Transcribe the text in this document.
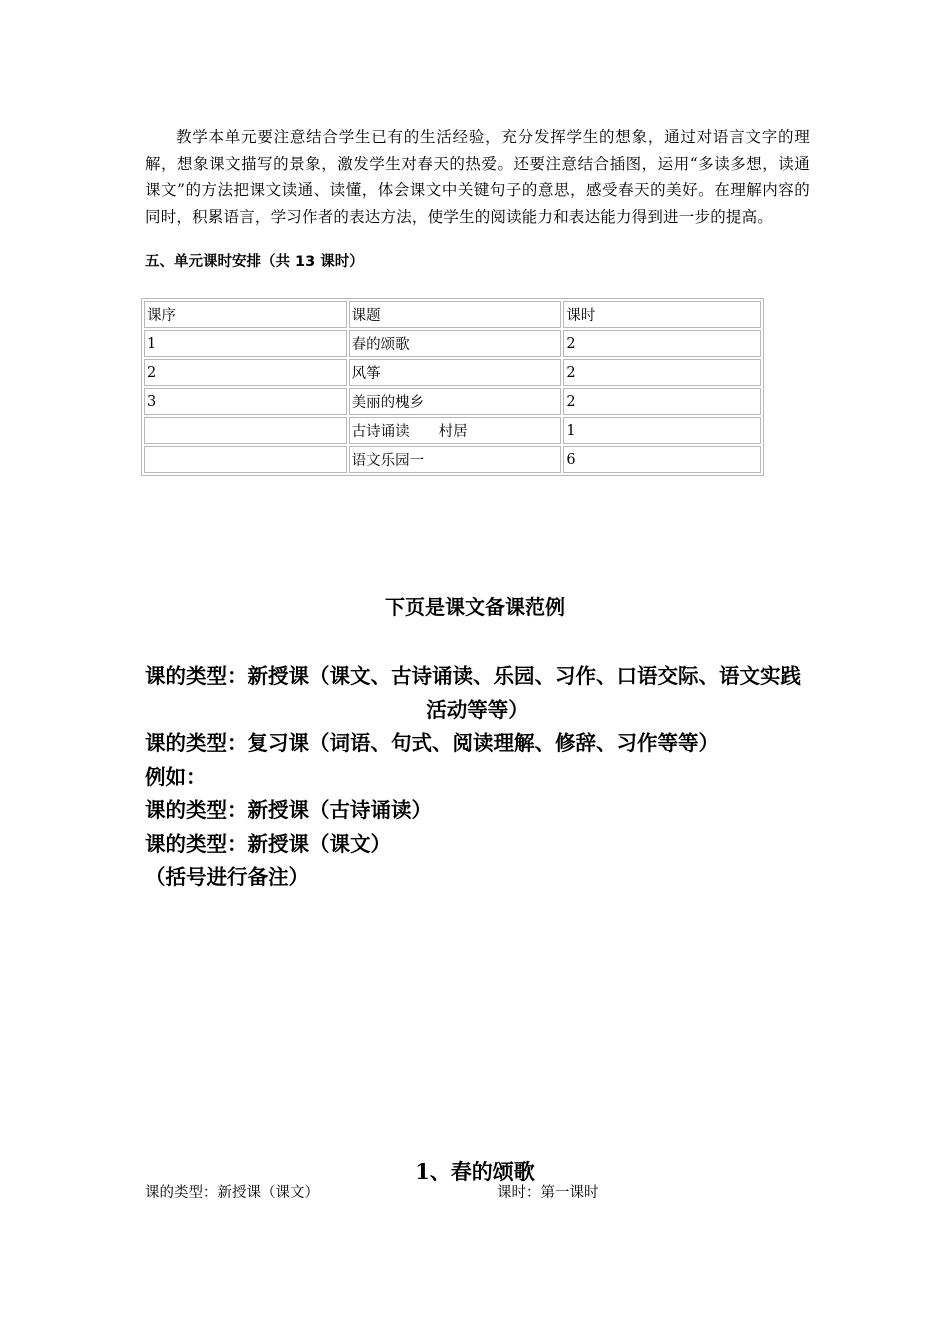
教学本单元要注意结合学生已有的生活经验，充分发挥学生的想象，通过对语言文字的理解，想象课文描写的景象，激发学生对春天的热爱。还要注意结合插图，运用“多读多想，读通课文”的方法把课文读通、读懂，体会课文中关键句子的意思，感受春天的美好。在理解内容的同时，积累语言，学习作者的表达方法，使学生的阅读能力和表达能力得到进一步的提高。

五、单元课时安排（共 13 课时）
课序	课题	课时
1	春的颂歌	2
2	风筝	2
3	美丽的槐乡	2
	古诗诵读　　村居	1
	语文乐园一	6
下页是课文备课范例
课的类型：新授课（课文、古诗诵读、乐园、习作、口语交际、语文实践
活动等等）
课的类型：复习课（词语、句式、阅读理解、修辞、习作等等）
例如：
课的类型：新授课（古诗诵读）
课的类型：新授课（课文）
（括号进行备注）
1、春的颂歌
课的类型：新授课（课文）	课时：第一课时
